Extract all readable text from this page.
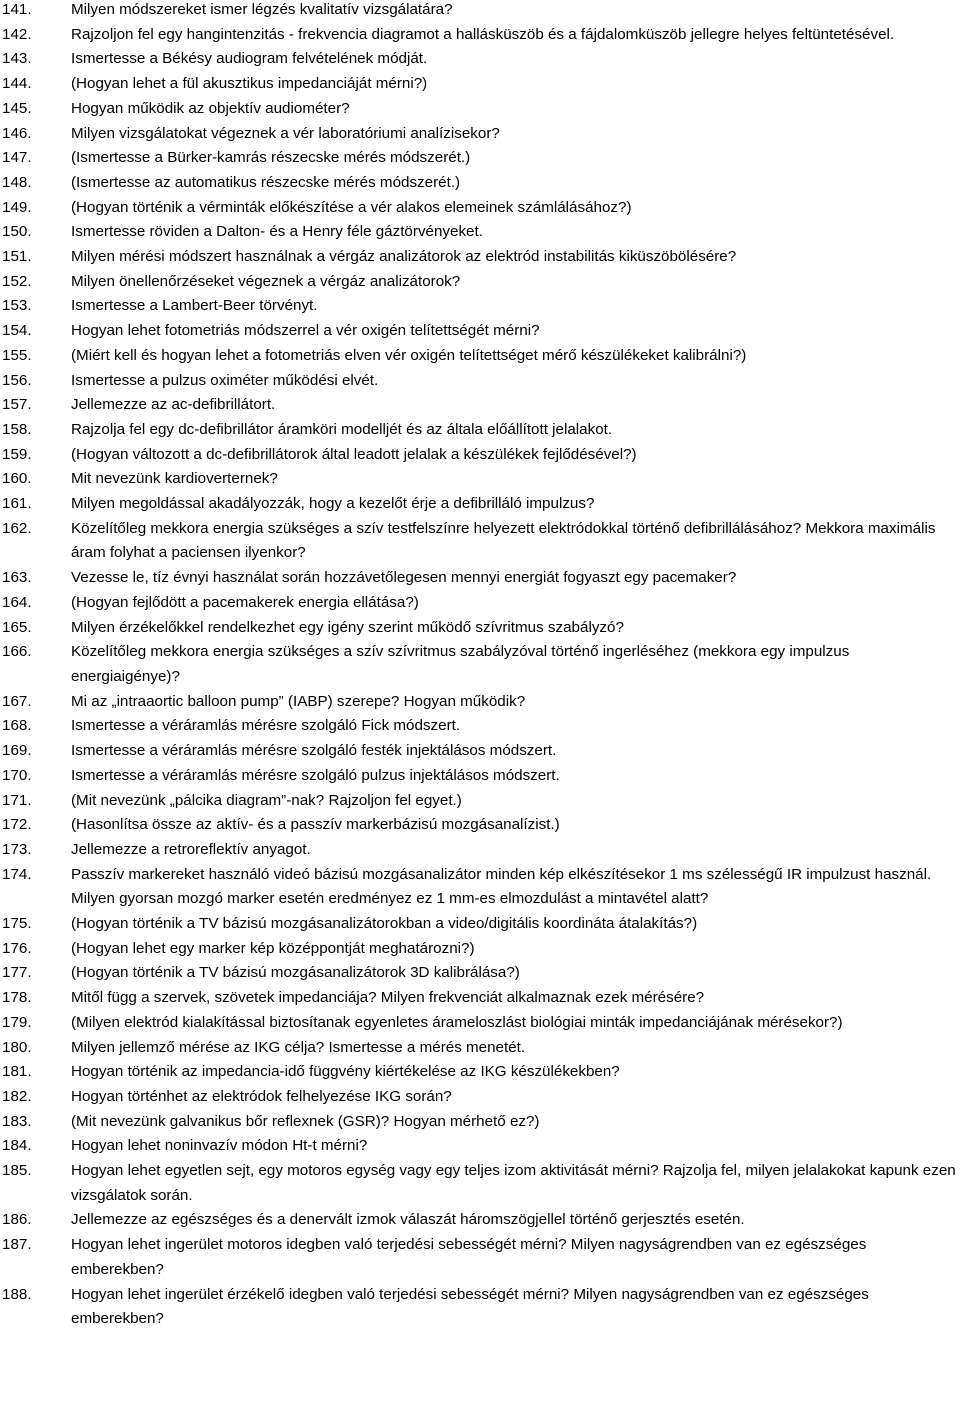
141.	Milyen módszereket ismer légzés kvalitatív vizsgálatára?
142.	Rajzoljon fel egy hangintenzitás - frekvencia diagramot a hallásküszöb és a fájdalomküszöb jellegre helyes feltüntetésével.
143.	Ismertesse a Békésy audiogram felvételének módját.
144.	(Hogyan lehet a fül akusztikus impedanciáját mérni?)
145.	Hogyan működik az objektív audiométer?
146.	Milyen vizsgálatokat végeznek a vér laboratóriumi analízisekor?
147.	(Ismertesse a Bürker-kamrás részecske mérés módszerét.)
148.	(Ismertesse az automatikus részecske mérés módszerét.)
149.	(Hogyan történik a vérminták előkészítése a vér alakos elemeinek számlálásához?)
150.	Ismertesse röviden a Dalton- és a Henry féle gáztörvényeket.
151.	Milyen mérési módszert használnak a vérgáz analizátorok az elektród instabilitás kiküszöbölésére?
152.	Milyen önellenőrzéseket végeznek a vérgáz analizátorok?
153.	Ismertesse a Lambert-Beer törvényt.
154.	Hogyan lehet fotometriás módszerrel a vér oxigén telítettségét mérni?
155.	(Miért kell és hogyan lehet a fotometriás elven vér oxigén telítettséget mérő készülékeket kalibrálni?)
156.	Ismertesse a pulzus oximéter működési elvét.
157.	Jellemezze az ac-defibrillátort.
158.	Rajzolja fel egy dc-defibrillátor áramköri modelljét és az általa előállított jelalakot.
159.	(Hogyan változott a dc-defibrillátorok által leadott jelalak a készülékek fejlődésével?)
160.	Mit nevezünk kardioverternek?
161.	Milyen megoldással akadályozzák, hogy a kezelőt érje a defibrilláló impulzus?
162.	Közelítőleg mekkora energia szükséges a szív testfelszínre helyezett elektródokkal történő defibrillálásához? Mekkora maximális áram folyhat a paciensen ilyenkor?
163.	Vezesse le, tíz évnyi használat során hozzávetőlegesen mennyi energiát fogyaszt egy pacemaker?
164.	(Hogyan fejlődött a pacemakerek energia ellátása?)
165.	Milyen érzékelőkkel rendelkezhet egy igény szerint működő szívritmus szabályzó?
166.	Közelítőleg mekkora energia szükséges a szív szívritmus szabályzóval történő ingerléséhez (mekkora egy impulzus energiaigénye)?
167.	Mi az „intraaortic balloon pump” (IABP) szerepe? Hogyan működik?
168.	Ismertesse a véráramlás mérésre szolgáló Fick módszert.
169.	Ismertesse a véráramlás mérésre szolgáló festék injektálásos módszert.
170.	Ismertesse a véráramlás mérésre szolgáló pulzus injektálásos módszert.
171.	(Mit nevezünk „pálcika diagram”-nak? Rajzoljon fel egyet.)
172.	(Hasonlítsa össze az aktív- és a passzív markerbázisú mozgásanalízist.)
173.	Jellemezze a retroreflektív anyagot.
174.	Passzív markereket használó videó bázisú mozgásanalizátor minden kép elkészítésekor 1 ms szélességű IR impulzust használ. Milyen gyorsan mozgó marker esetén eredményez ez 1 mm-es elmozdulást a mintavétel alatt?
175.	(Hogyan történik a TV bázisú mozgásanalizátorokban a video/digitális koordináta átalakítás?)
176.	(Hogyan lehet egy marker kép középpontját meghatározni?)
177.	(Hogyan történik a TV bázisú mozgásanalizátorok 3D kalibrálása?)
178.	Mitől függ a szervek, szövetek impedanciája? Milyen frekvenciát alkalmaznak ezek mérésére?
179.	(Milyen elektród kialakítással biztosítanak egyenletes árameloszlást biológiai minták impedanciájának mérésekor?)
180.	Milyen jellemző mérése az IKG célja? Ismertesse a mérés menetét.
181.	Hogyan történik az impedancia-idő függvény kiértékelése az IKG készülékekben?
182.	Hogyan történhet az elektródok felhelyezése IKG során?
183.	(Mit nevezünk galvanikus bőr reflexnek (GSR)? Hogyan mérhető ez?)
184.	Hogyan lehet noninvazív módon Ht-t mérni?
185.	Hogyan lehet egyetlen sejt, egy motoros egység vagy egy teljes izom aktivitását mérni? Rajzolja fel, milyen jelalakokat kapunk ezen vizsgálatok során.
186.	Jellemezze az egészséges és a denervált izmok válaszát háromszögjellel történő gerjesztés esetén.
187.	Hogyan lehet ingerület motoros idegben való terjedési sebességét mérni? Milyen nagyságrendben van ez egészséges emberekben?
188.	Hogyan lehet ingerület érzékelő idegben való terjedési sebességét mérni? Milyen nagyságrendben van ez egészséges emberekben?
